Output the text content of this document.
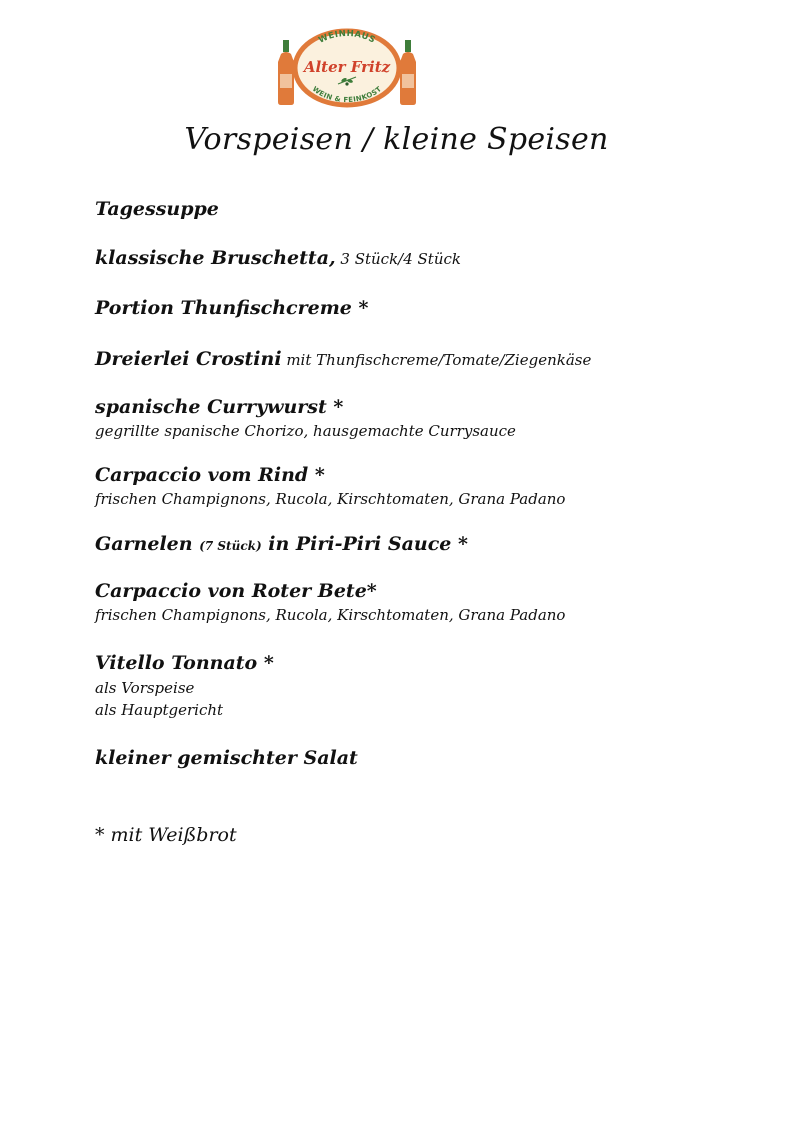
WEINHAUS
Alter Fritz
WEIN & FEINKOST
Vorspeisen / kleine Speisen
Tagessuppe
klassische Bruschetta, 3 Stück/4 Stück
Portion Thunfischcreme *
Dreierlei Crostini mit Thunfischcreme/Tomate/Ziegenkäse
spanische Currywurst *
gegrillte spanische Chorizo, hausgemachte Currysauce
Carpaccio vom Rind *
frischen Champignons, Rucola, Kirschtomaten, Grana Padano
Garnelen (7 Stück) in Piri-Piri Sauce *
Carpaccio von Roter Bete*
frischen Champignons, Rucola, Kirschtomaten, Grana Padano
Vitello Tonnato *
als Vorspeise
als Hauptgericht
kleiner gemischter Salat
* mit Weißbrot
